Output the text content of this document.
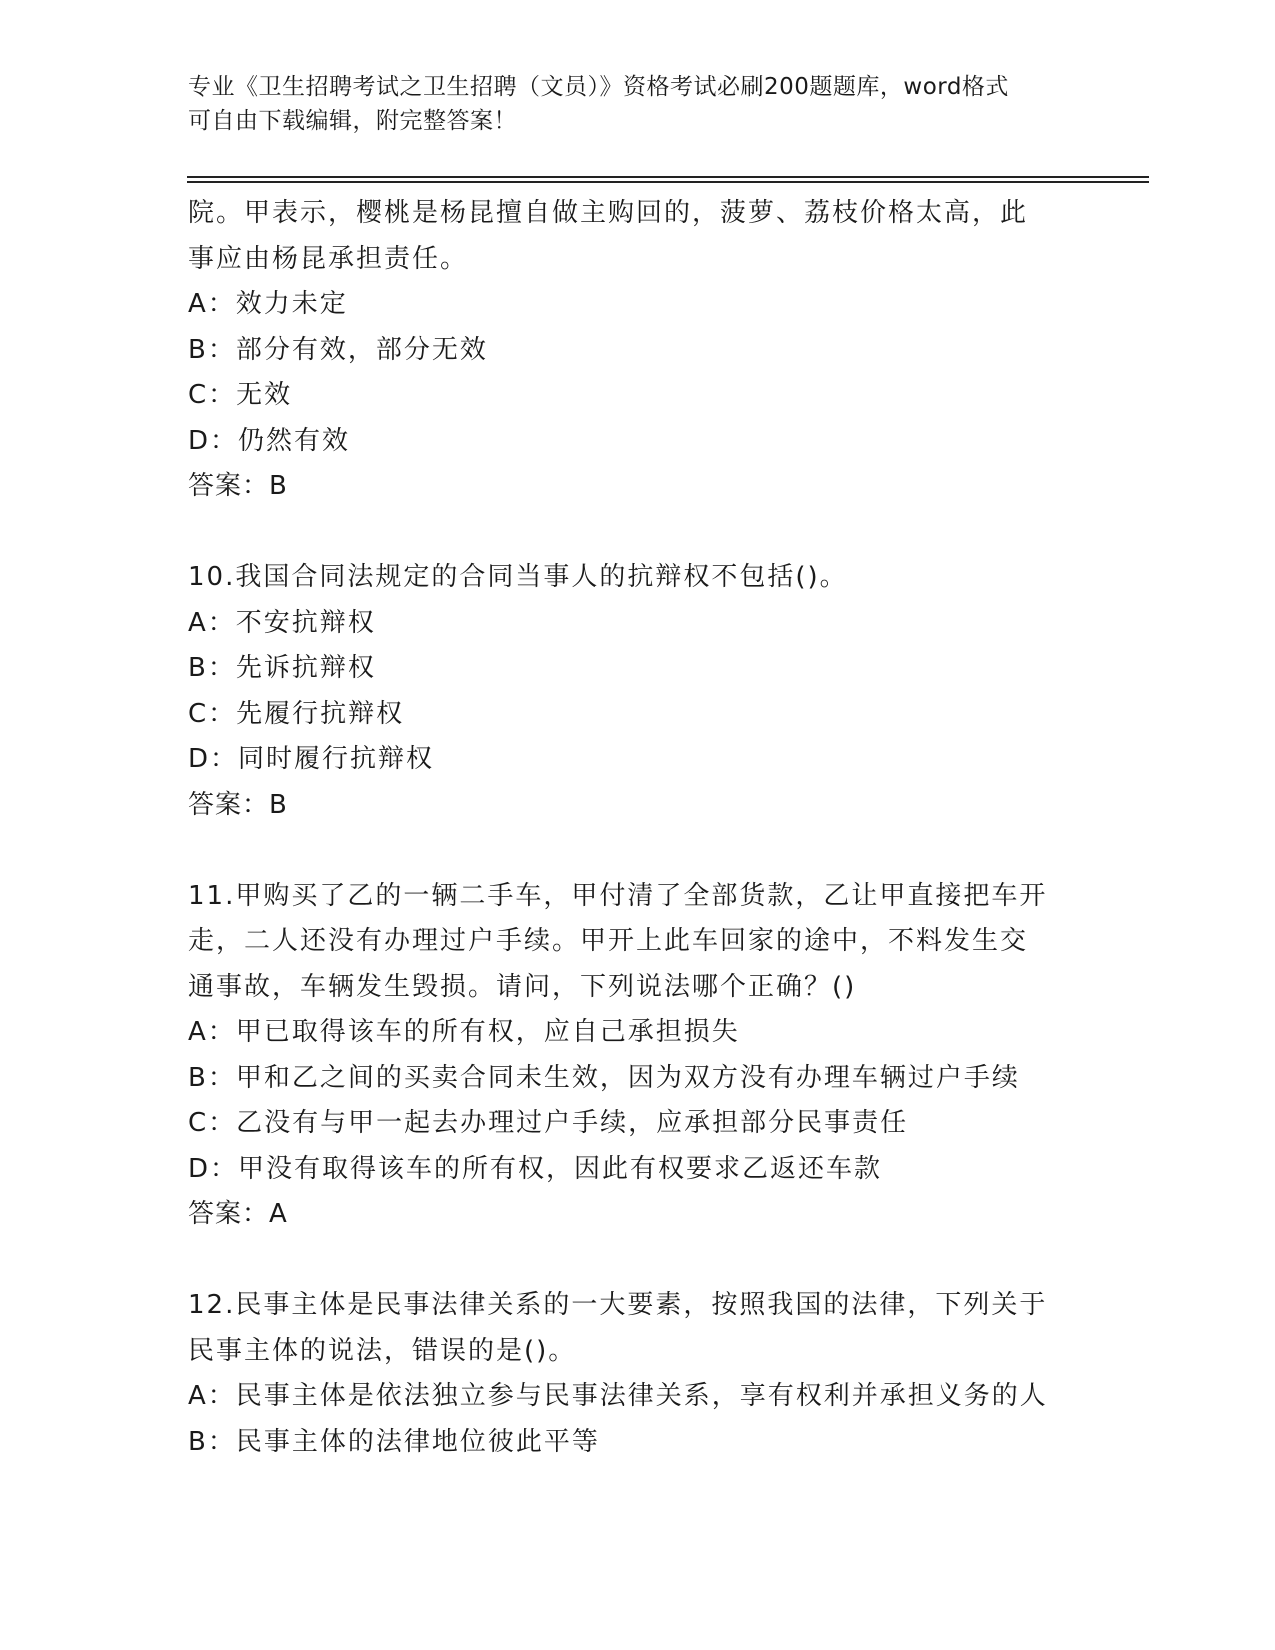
专业《卫生招聘考试之卫生招聘（文员）》资格考试必刷200题题库，word格式
可自由下载编辑，附完整答案！
院。甲表示，樱桃是杨昆擅自做主购回的，菠萝、荔枝价格太高，此
事应由杨昆承担责任。
A：效力未定
B：部分有效，部分无效
C：无效
D：仍然有效
答案：B
10.我国合同法规定的合同当事人的抗辩权不包括()。
A：不安抗辩权
B：先诉抗辩权
C：先履行抗辩权
D：同时履行抗辩权
答案：B
11.甲购买了乙的一辆二手车，甲付清了全部货款，乙让甲直接把车开
走，二人还没有办理过户手续。甲开上此车回家的途中，不料发生交
通事故，车辆发生毁损。请问，下列说法哪个正确？()
A：甲已取得该车的所有权，应自己承担损失
B：甲和乙之间的买卖合同未生效，因为双方没有办理车辆过户手续
C：乙没有与甲一起去办理过户手续，应承担部分民事责任
D：甲没有取得该车的所有权，因此有权要求乙返还车款
答案：A
12.民事主体是民事法律关系的一大要素，按照我国的法律，下列关于
民事主体的说法，错误的是()。
A：民事主体是依法独立参与民事法律关系，享有权利并承担义务的人
B：民事主体的法律地位彼此平等
